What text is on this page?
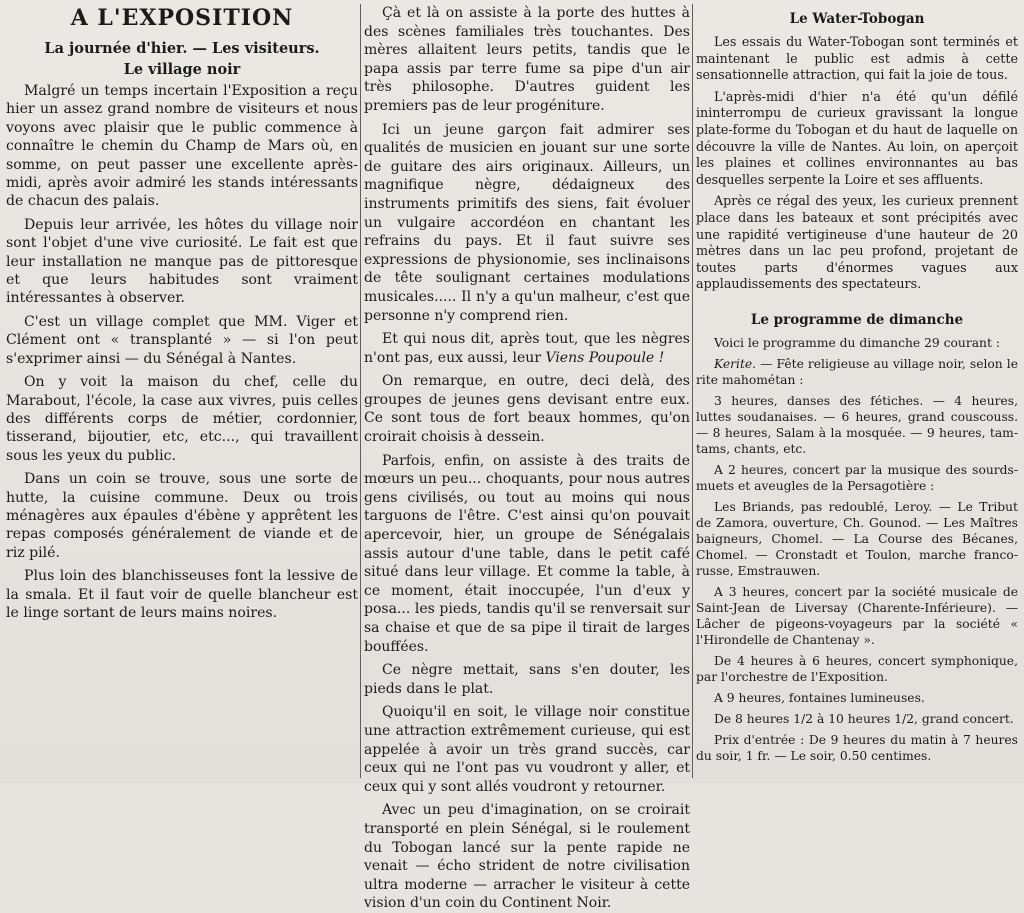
A L'EXPOSITION
La journée d'hier. — Les visiteurs.
Le village noir

Malgré un temps incertain l'Exposition a reçu hier un assez grand nombre de visiteurs et nous voyons avec plaisir que le public commence à connaître le chemin du Champ de Mars où, en somme, on peut passer une excellente après-midi, après avoir admiré les stands intéressants de chacun des palais.

Depuis leur arrivée, les hôtes du village noir sont l'objet d'une vive curiosité. Le fait est que leur installation ne manque pas de pittoresque et que leurs habitudes sont vraiment intéressantes à observer.

C'est un village complet que MM. Viger et Clément ont « transplanté » — si l'on peut s'exprimer ainsi — du Sénégal à Nantes.

On y voit la maison du chef, celle du Marabout, l'école, la case aux vivres, puis celles des différents corps de métier, cordonnier, tisserand, bijoutier, etc, etc..., qui travaillent sous les yeux du public.

Dans un coin se trouve, sous une sorte de hutte, la cuisine commune. Deux ou trois ménagères aux épaules d'ébène y apprêtent les repas composés généralement de viande et de riz pilé.

Plus loin des blanchisseuses font la lessive de la smala. Et il faut voir de quelle blancheur est le linge sortant de leurs mains noires.

Çà et là on assiste à la porte des huttes à des scènes familiales très touchantes. Des mères allaitent leurs petits, tandis que le papa assis par terre fume sa pipe d'un air très philosophe. D'autres guident les premiers pas de leur progéniture.

Ici un jeune garçon fait admirer ses qualités de musicien en jouant sur une sorte de guitare des airs originaux. Ailleurs, un magnifique nègre, dédaigneux des instruments primitifs des siens, fait évoluer un vulgaire accordéon en chantant les refrains du pays. Et il faut suivre ses expressions de physionomie, ses inclinaisons de tête soulignant certaines modulations musicales..... Il n'y a qu'un malheur, c'est que personne n'y comprend rien.

Et qui nous dit, après tout, que les nègres n'ont pas, eux aussi, leur Viens Poupoule !

On remarque, en outre, deci delà, des groupes de jeunes gens devisant entre eux. Ce sont tous de fort beaux hommes, qu'on croirait choisis à dessein.

Parfois, enfin, on assiste à des traits de mœurs un peu... choquants, pour nous autres gens civilisés, ou tout au moins qui nous targuons de l'être. C'est ainsi qu'on pouvait apercevoir, hier, un groupe de Sénégalais assis autour d'une table, dans le petit café situé dans leur village. Et comme la table, à ce moment, était inoccupée, l'un d'eux y posa... les pieds, tandis qu'il se renversait sur sa chaise et que de sa pipe il tirait de larges bouffées.

Ce nègre mettait, sans s'en douter, les pieds dans le plat.

Quoiqu'il en soit, le village noir constitue une attraction extrêmement curieuse, qui est appelée à avoir un très grand succès, car ceux qui ne l'ont pas vu voudront y aller, et ceux qui y sont allés voudront y retourner.

Avec un peu d'imagination, on se croirait transporté en plein Sénégal, si le roulement du Tobogan lancé sur la pente rapide ne venait — écho strident de notre civilisation ultra moderne — arracher le visiteur à cette vision d'un coin du Continent Noir.

Le Water-Tobogan

Les essais du Water-Tobogan sont terminés et maintenant le public est admis à cette sensationnelle attraction, qui fait la joie de tous.

L'après-midi d'hier n'a été qu'un défilé ininterrompu de curieux gravissant la longue plate-forme du Tobogan et du haut de laquelle on découvre la ville de Nantes. Au loin, on aperçoit les plaines et collines environnantes au bas desquelles serpente la Loire et ses affluents.

Après ce régal des yeux, les curieux prennent place dans les bateaux et sont précipités avec une rapidité vertigineuse d'une hauteur de 20 mètres dans un lac peu profond, projetant de toutes parts d'énormes vagues aux applaudissements des spectateurs.

Le programme de dimanche

Voici le programme du dimanche 29 courant :

Kerite. — Fête religieuse au village noir, selon le rite mahométan :

3 heures, danses des fétiches. — 4 heures, luttes soudanaises. — 6 heures, grand couscouss. — 8 heures, Salam à la mosquée. — 9 heures, tam-tams, chants, etc.

A 2 heures, concert par la musique des sourds-muets et aveugles de la Persagotière :

Les Briands, pas redoublé, Leroy. — Le Tribut de Zamora, ouverture, Ch. Gounod. — Les Maîtres baigneurs, Chomel. — La Course des Bécanes, Chomel. — Cronstadt et Toulon, marche franco-russe, Emstrauwen.

A 3 heures, concert par la société musicale de Saint-Jean de Liversay (Charente-Inférieure). — Lâcher de pigeons-voyageurs par la société « l'Hirondelle de Chantenay ».

De 4 heures à 6 heures, concert symphonique, par l'orchestre de l'Exposition.

A 9 heures, fontaines lumineuses.

De 8 heures 1/2 à 10 heures 1/2, grand concert.

Prix d'entrée : De 9 heures du matin à 7 heures du soir, 1 fr. — Le soir, 0.50 centimes.
